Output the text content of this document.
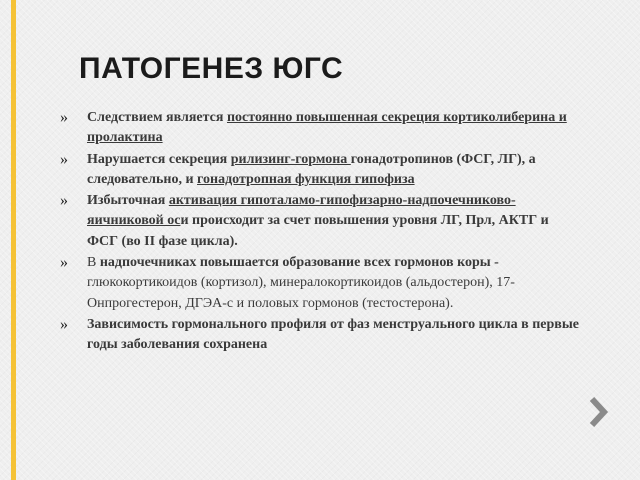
ПАТОГЕНЕЗ ЮГС
» Следствием является постоянно повышенная секреция кортиколиберина и пролактина
» Нарушается секреция рилизинг-гормона гонадотропинов (ФСГ, ЛГ), а следовательно, и гонадотропная функция гипофиза
» Избыточная активация гипоталамо-гипофизарно-надпочечниково-яичниковой оси происходит за счет повышения уровня ЛГ, Прл, АКТГ и ФСГ (во II фазе цикла).
» В надпочечниках повышается образование всех гормонов коры - глюкокортикоидов (кортизол), минералокортикоидов (альдостерон), 17-Онпрогестерон, ДГЭА-с и половых гормонов (тестостерона).
» Зависимость гормонального профиля от фаз менструального цикла в первые годы заболевания сохранена
